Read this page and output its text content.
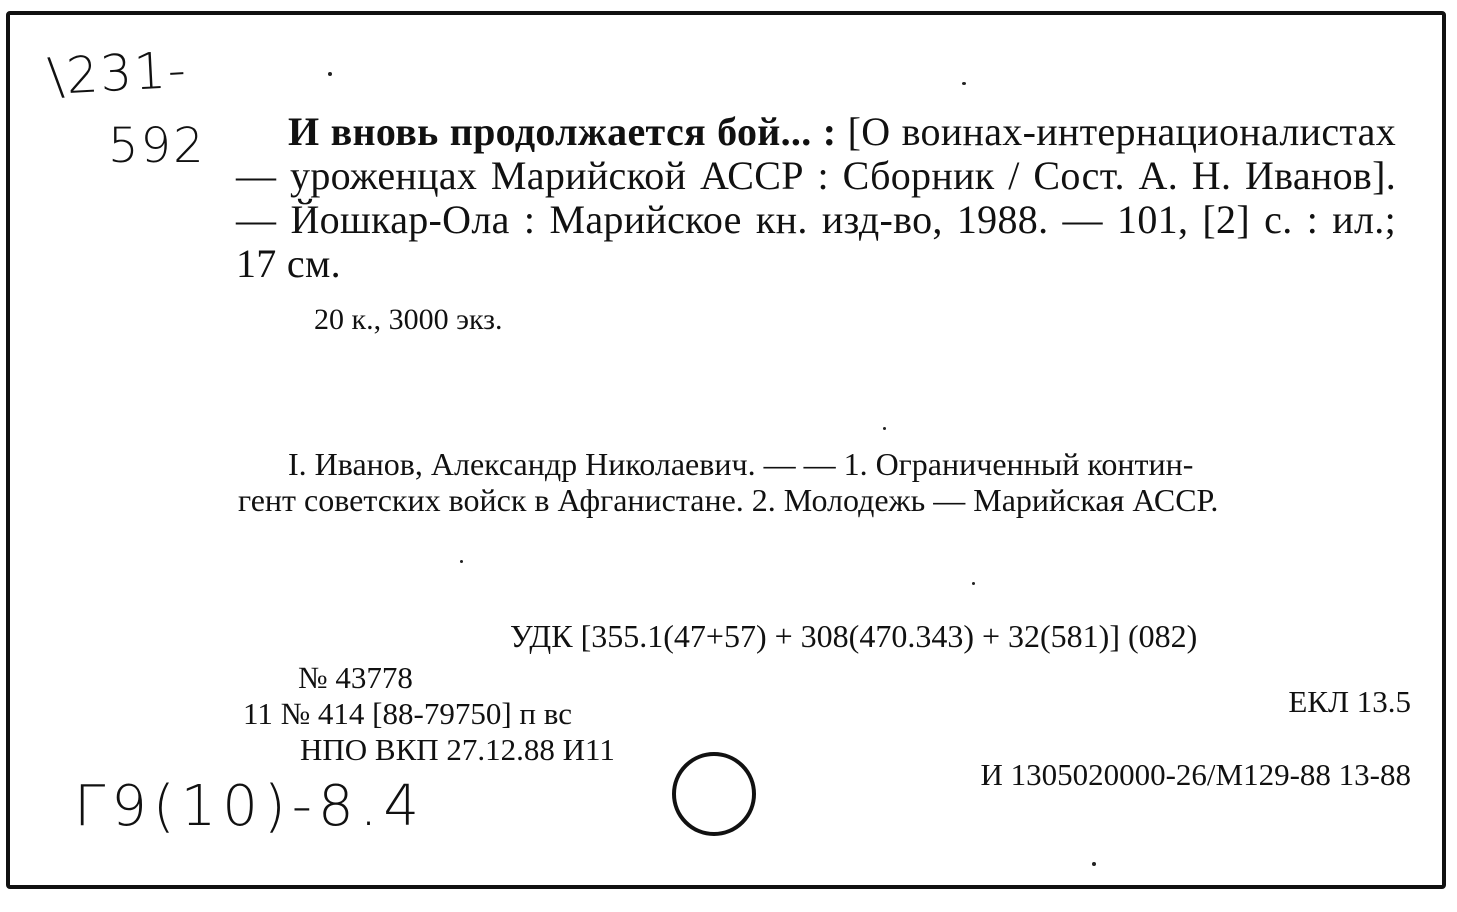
\231-
592	И вновь продолжается бой... : [О воинах-интернационалистах — уроженцах Марийской АССР : Сборник / Сост. А. Н. Иванов]. — Йошкар-Ола : Марийское кн. изд-во, 1988. — 101, [2] с. : ил.; 17 см.
20 к., 3000 экз.
I. Иванов, Александр Николаевич. — — 1. Ограниченный контин-
гент советских войск в Афганистане. 2. Молодежь — Марийская АССР.
УДК [355.1(47+57) + 308(470.343) + 32(581)] (082)
№ 43778
11 № 414 [88-79750] п вс	ЕКЛ 13.5
НПО ВКП 27.12.88 И11
И 1305020000-26/М129-88 13-88
Г9(10)-8.4
